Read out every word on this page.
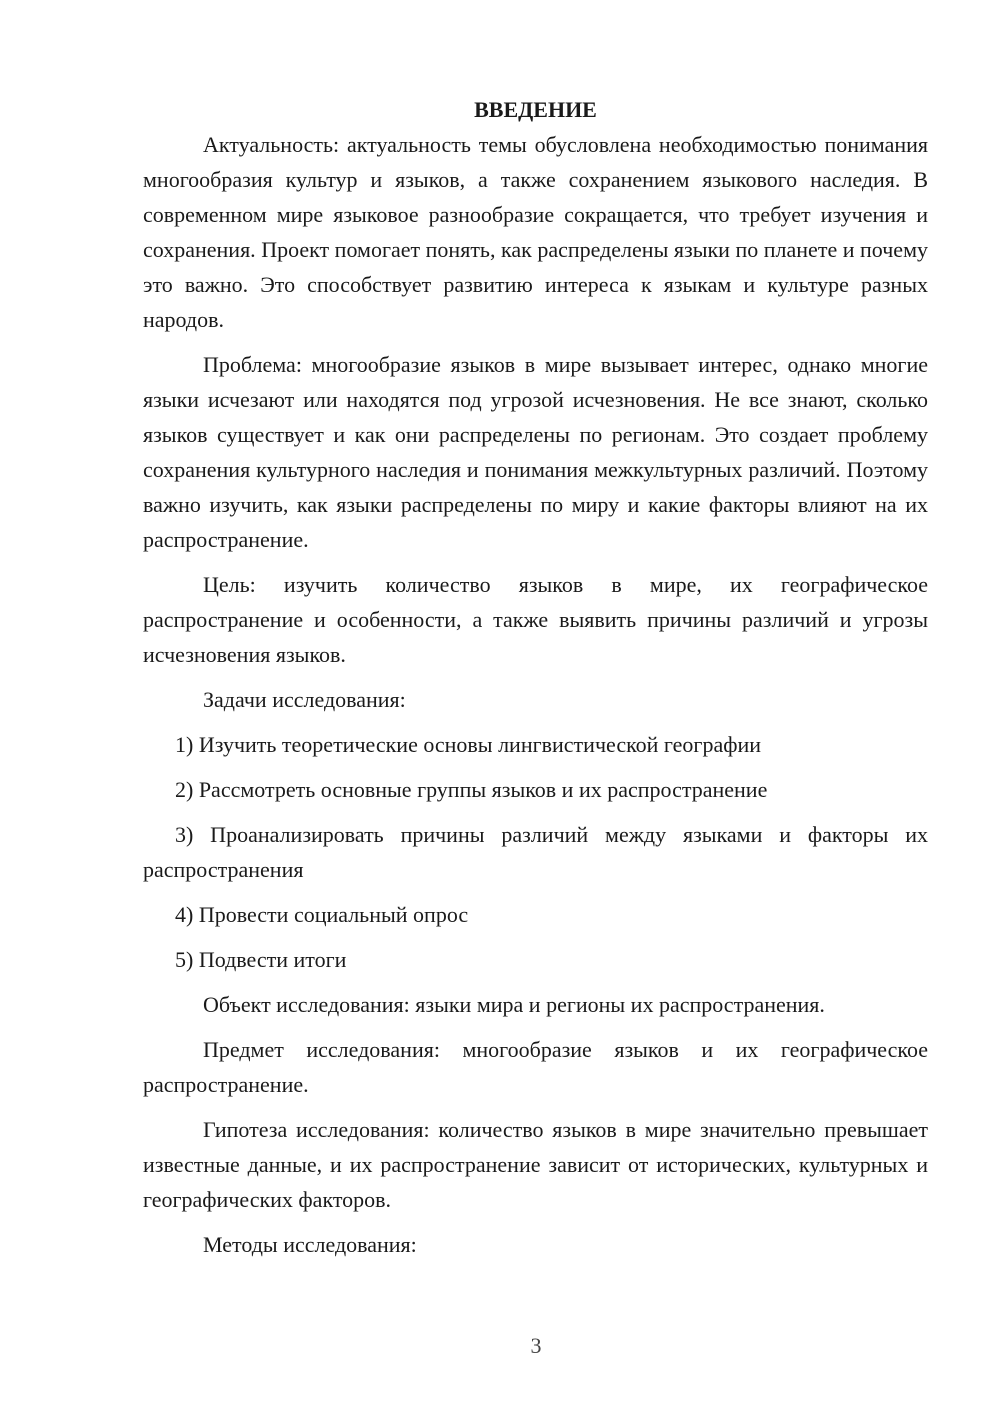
ВВЕДЕНИЕ

Актуальность: актуальность темы обусловлена необходимостью понимания многообразия культур и языков, а также сохранением языкового наследия. В современном мире языковое разнообразие сокращается, что требует изучения и сохранения. Проект помогает понять, как распределены языки по планете и почему это важно. Это способствует развитию интереса к языкам и культуре разных народов.

Проблема: многообразие языков в мире вызывает интерес, однако многие языки исчезают или находятся под угрозой исчезновения. Не все знают, сколько языков существует и как они распределены по регионам. Это создает проблему сохранения культурного наследия и понимания межкультурных различий. Поэтому важно изучить, как языки распределены по миру и какие факторы влияют на их распространение.

Цель: изучить количество языков в мире, их географическое распространение и особенности, а также выявить причины различий и угрозы исчезновения языков.

Задачи исследования:

1) Изучить теоретические основы лингвистической географии

2) Рассмотреть основные группы языков и их распространение

3) Проанализировать причины различий между языками и факторы их распространения

4) Провести социальный опрос

5) Подвести итоги

Объект исследования: языки мира и регионы их распространения.

Предмет исследования: многообразие языков и их географическое распространение.

Гипотеза исследования: количество языков в мире значительно превышает известные данные, и их распространение зависит от исторических, культурных и географических факторов.

Методы исследования:

3
